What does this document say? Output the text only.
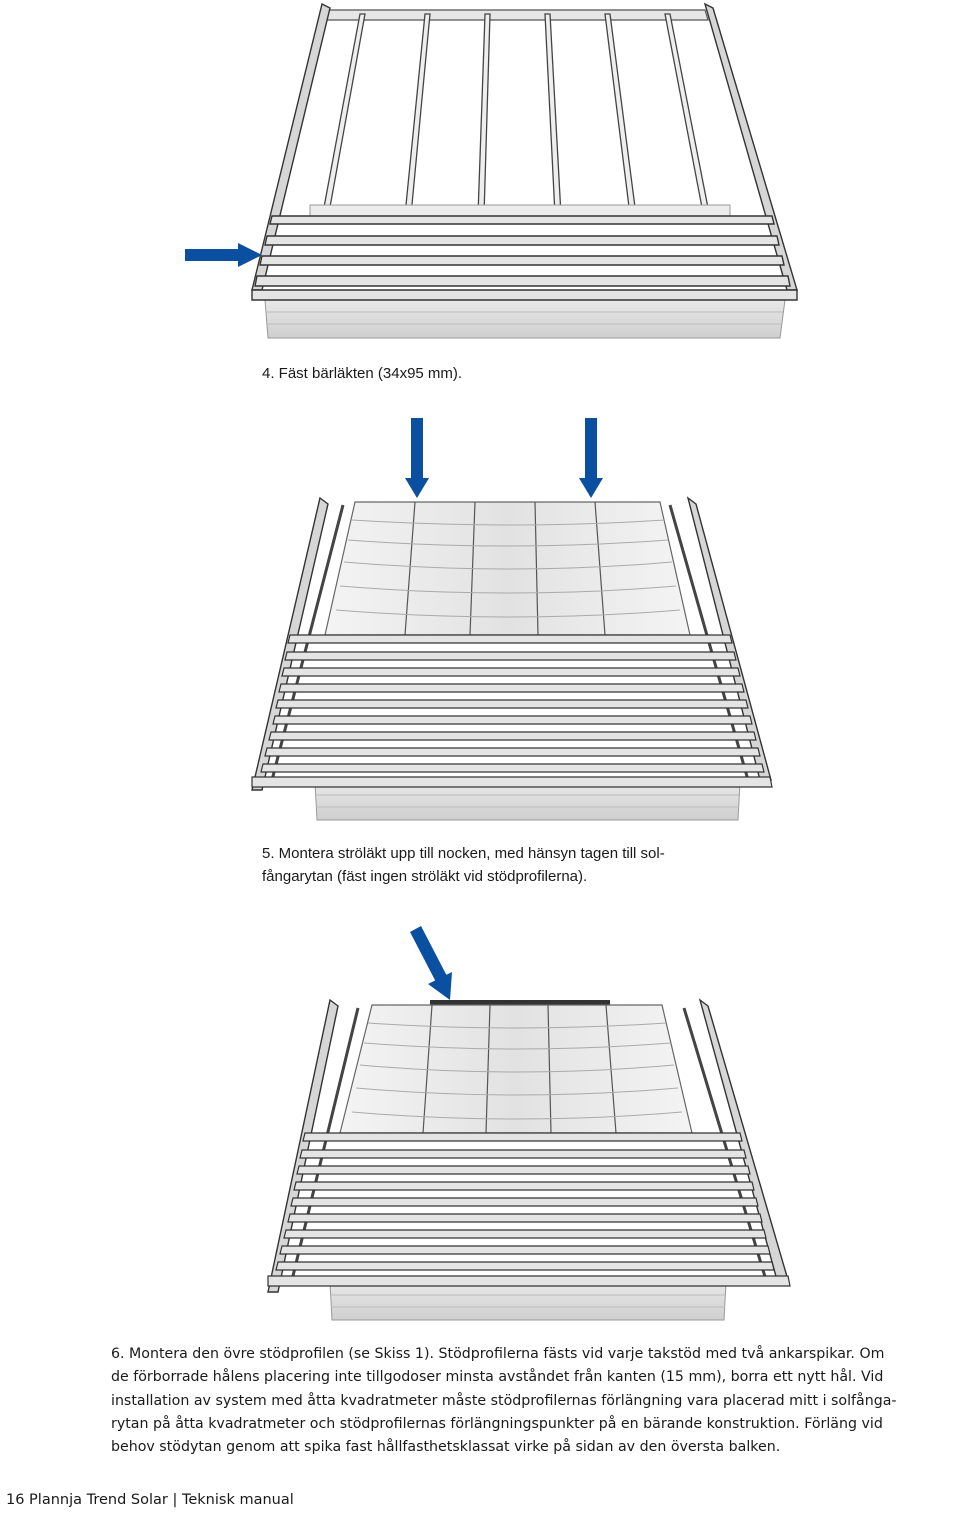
4. Fäst bärläkten (34x95 mm).
5. Montera ströläkt upp till nocken, med hänsyn tagen till sol-
fångarytan (fäst ingen ströläkt vid stödprofilerna).
6. Montera den övre stödprofilen (se Skiss 1). Stödprofilerna fästs vid varje takstöd med två ankarspikar. Om
de förborrade hålens placering inte tillgodoser minsta avståndet från kanten (15 mm), borra ett nytt hål. Vid
installation av system med åtta kvadratmeter måste stödprofilernas förlängning vara placerad mitt i solfånga-
rytan på åtta kvadratmeter och stödprofilernas förlängningspunkter på en bärande konstruktion. Förläng vid
behov stödytan genom att spika fast hållfasthetsklassat virke på sidan av den översta balken.
16 Plannja Trend Solar | Teknisk manual
